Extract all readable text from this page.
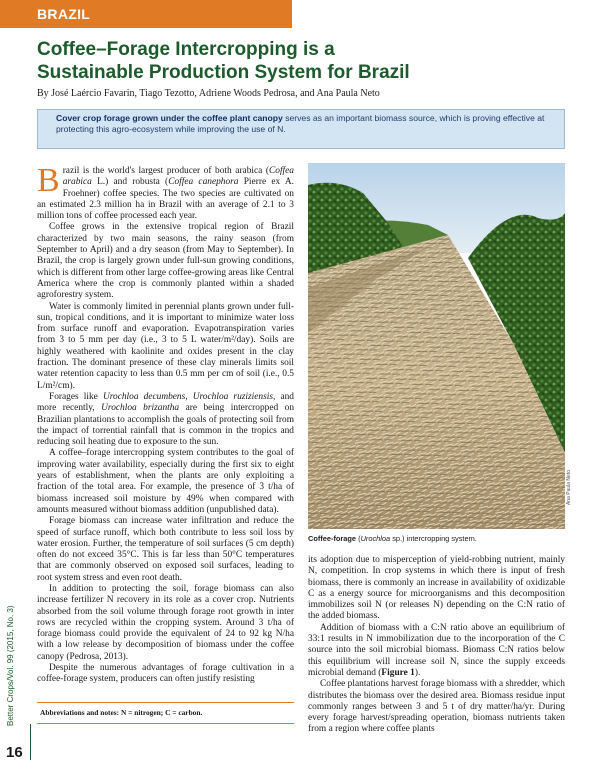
BRAZIL
Coffee–Forage Intercropping is a
Sustainable Production System for Brazil
By José Laércio Favarin, Tiago Tezotto, Adriene Woods Pedrosa, and Ana Paula Neto
Cover crop forage grown under the coffee plant canopy serves as an important biomass source, which is proving effective at protecting this agro-ecosystem while improving the use of N.

Brazil is the world's largest producer of both arabica (Coffea arabica L.) and robusta (Coffea canephora Pierre ex A. Froehner) coffee species. The two species are cultivated on an estimated 2.3 million ha in Brazil with an average of 2.1 to 3 million tons of coffee processed each year.

Coffee grows in the extensive tropical region of Brazil characterized by two main seasons, the rainy season (from September to April) and a dry season (from May to September). In Brazil, the crop is largely grown under full-sun growing conditions, which is different from other large coffee-growing areas like Central America where the crop is commonly planted within a shaded agroforestry system.

Water is commonly limited in perennial plants grown under full-sun, tropical conditions, and it is important to minimize water loss from surface runoff and evaporation. Evapotranspiration varies from 3 to 5 mm per day (i.e., 3 to 5 L water/m²/day). Soils are highly weathered with kaolinite and oxides present in the clay fraction. The dominant presence of these clay minerals limits soil water retention capacity to less than 0.5 mm per cm of soil (i.e., 0.5 L/m²/cm).

Forages like Urochloa decumbens, Urochloa ruziziensis, and more recently, Urochloa brizantha are being intercropped on Brazilian plantations to accomplish the goals of protecting soil from the impact of torrential rainfall that is common in the tropics and reducing soil heating due to exposure to the sun.

A coffee–forage intercropping system contributes to the goal of improving water availability, especially during the first six to eight years of establishment, when the plants are only exploiting a fraction of the total area. For example, the presence of 3 t/ha of biomass increased soil moisture by 49% when compared with amounts measured without biomass addition (unpublished data).

Forage biomass can increase water infiltration and reduce the speed of surface runoff, which both contribute to less soil loss by water erosion. Further, the temperature of soil surfaces (5 cm depth) often do not exceed 35°C. This is far less than 50°C temperatures that are commonly observed on exposed soil surfaces, leading to root system stress and even root death.

In addition to protecting the soil, forage biomass can also increase fertilizer N recovery in its role as a cover crop. Nutrients absorbed from the soil volume through forage root growth in inter rows are recycled within the cropping system. Around 3 t/ha of forage biomass could provide the equivalent of 24 to 92 kg N/ha with a low release by decomposition of biomass under the coffee canopy (Pedrosa, 2013).

Despite the numerous advantages of forage cultivation in a coffee-forage system, producers can often justify resisting

Abbreviations and notes: N = nitrogen; C = carbon.
Ana Paula Neto
Coffee-forage (Urochloa sp.) intercropping system.

its adoption due to misperception of yield-robbing nutrient, mainly N, competition. In crop systems in which there is input of fresh biomass, there is commonly an increase in availability of oxidizable C as a energy source for microorganisms and this decomposition immobilizes soil N (or releases N) depending on the C:N ratio of the added biomass.

Addition of biomass with a C:N ratio above an equilibrium of 33:1 results in N immobilization due to the incorporation of the C source into the soil microbial biomass. Biomass C:N ratios below this equilibrium will increase soil N, since the supply exceeds microbial demand (Figure 1).

Coffee plantations harvest forage biomass with a shredder, which distributes the biomass over the desired area. Biomass residue input commonly ranges between 3 and 5 t of dry matter/ha/yr. During every forage harvest/spreading operation, biomass nutrients taken from a region where coffee plants

Better Crops/Vol. 99 (2015, No. 3)
16
